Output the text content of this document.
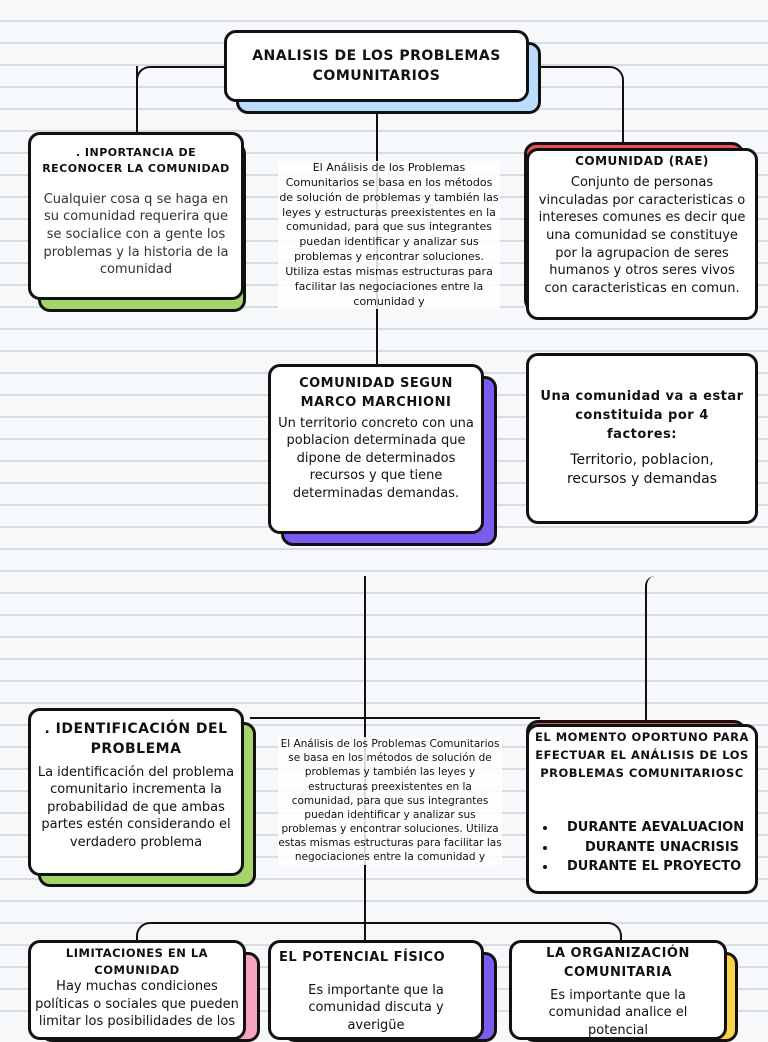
ANALISIS DE LOS PROBLEMAS COMUNITARIOS
. INPORTANCIA DE RECONOCER LA COMUNIDAD
Cualquier cosa q se haga en su comunidad requerira que se socialice con a gente los problemas y la historia de la comunidad
El Análisis de los Problemas Comunitarios se basa en los métodos de solución de problemas y también las leyes y estructuras preexistentes en la comunidad, para que sus integrantes puedan identificar y analizar sus problemas y encontrar soluciones. Utiliza estas mismas estructuras para facilitar las negociaciones entre la comunidad y
COMUNIDAD (RAE)
Conjunto de personas vinculadas por caracteristicas o intereses comunes es decir que una comunidad se constituye por la agrupacion de seres humanos y otros seres vivos con caracteristicas en comun.
COMUNIDAD SEGUN MARCO MARCHIONI
Un territorio concreto con una poblacion determinada que dipone de determinados recursos y que tiene determinadas demandas.
Una comunidad va a estar constituida por 4 factores:
Territorio, poblacion, recursos y demandas
. IDENTIFICACIÓN DEL PROBLEMA
La identificación del problema comunitario incrementa la probabilidad de que ambas partes estén considerando el verdadero problema
El Análisis de los Problemas Comunitarios se basa en los métodos de solución de problemas y también las leyes y estructuras preexistentes en la comunidad, para que sus integrantes puedan identificar y analizar sus problemas y encontrar soluciones. Utiliza estas mismas estructuras para facilitar las negociaciones entre la comunidad y
EL MOMENTO OPORTUNO PARA EFECTUAR EL ANÁLISIS DE LOS PROBLEMAS COMUNITARIOSC
• DURANTE AEVALUACION
• DURANTE UNACRISIS
• DURANTE EL PROYECTO
LIMITACIONES EN LA COMUNIDAD
Hay muchas condiciones políticas o sociales que pueden limitar los posibilidades de los
EL POTENCIAL FÍSICO
Es importante que la comunidad discuta y averigüe
LA ORGANIZACIÓN COMUNITARIA
Es importante que la comunidad analice el potencial
